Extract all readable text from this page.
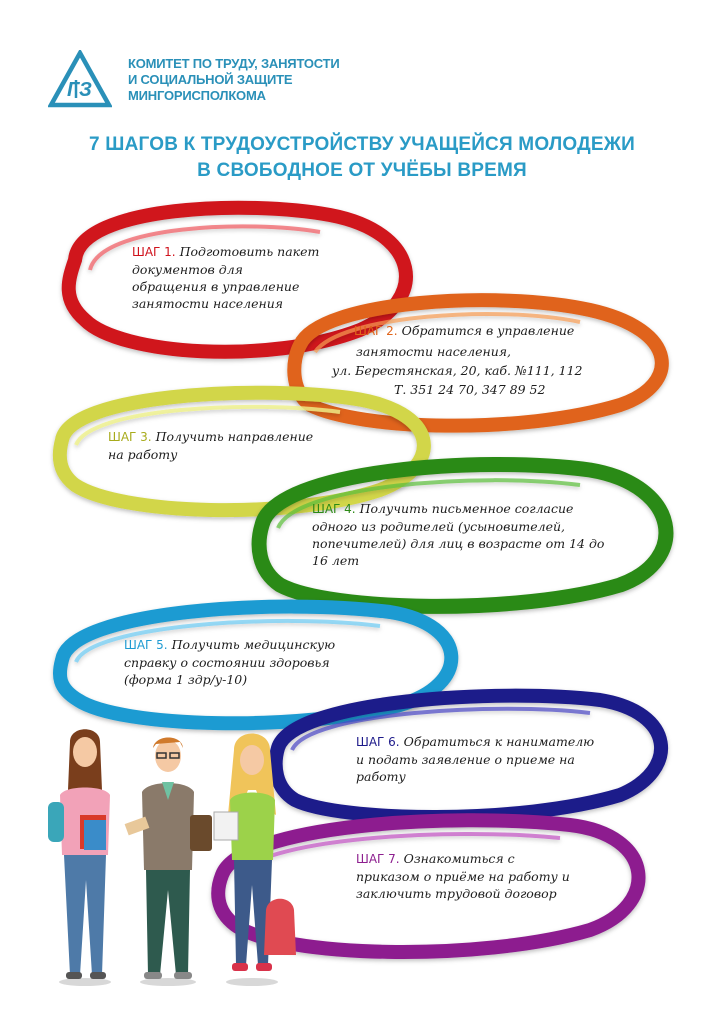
Г З
КОМИТЕТ ПО ТРУДУ, ЗАНЯТОСТИ
И СОЦИАЛЬНОЙ ЗАЩИТЕ
МИНГОРИСПОЛКОМА
7 ШАГОВ К ТРУДОУСТРОЙСТВУ УЧАЩЕЙСЯ МОЛОДЕЖИ
В СВОБОДНОЕ ОТ УЧЁБЫ ВРЕМЯ
ШАГ 1. Подготовить пакет
документов для
обращения в управление
занятости населения
ШАГ 2. Обратится в управление
занятости населения,
ул. Берестянская, 20, каб. №111, 112
Т. 351 24 70, 347 89 52
ШАГ 3. Получить направление
на работу
ШАГ 4. Получить письменное согласие
одного из родителей (усыновителей,
попечителей) для лиц в возрасте от 14 до
16 лет
ШАГ 5. Получить медицинскую
справку о состоянии здоровья
(форма 1 здр/у-10)
ШАГ 6. Обратиться к нанимателю
и подать заявление о приеме на
работу
ШАГ 7. Ознакомиться с
приказом о приёме на работу и
заключить трудовой договор
